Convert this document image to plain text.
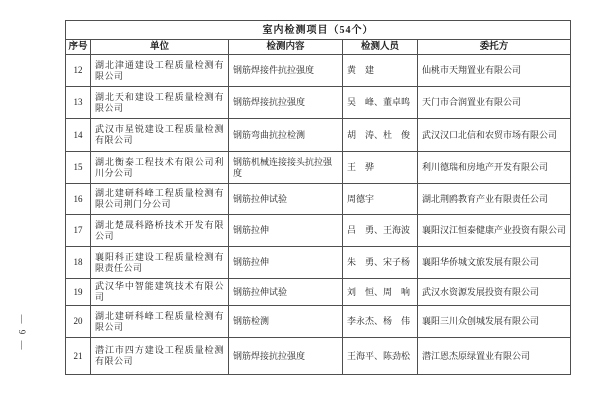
— 9 —
室内检测项目（54个）				
序号	单位	检测内容	检测人员	委托方
12	湖北津通建设工程质量检测有限公司	钢筋焊接件抗拉强度	黄　建	仙桃市天翔置业有限公司
13	湖北天和建设工程质量检测有限公司	钢筋焊接抗拉强度	吴　峰、董卓鸣	天门市合润置业有限公司
14	武汉市星锐建设工程质量检测有限公司	钢筋弯曲抗拉检测	胡　涛、杜　俊	武汉汉口北信和农贸市场有限公司
15	湖北衡泰工程技术有限公司利川分公司	钢筋机械连接接头抗拉强度	王　骅	利川德瑞和房地产开发有限公司
16	湖北建研科峰工程质量检测有限公司荆门分公司	钢筋拉伸试验	周德宇	湖北荆鸥教育产业有限责任公司
17	湖北楚晟科路桥技术开发有限公司	钢筋拉伸	吕　勇、王海波	襄阳汉江恒泰健康产业投资有限公司
18	襄阳科正建设工程质量检测有限责任公司	钢筋拉伸	朱　勇、宋子杨	襄阳华侨城文旅发展有限公司
19	武汉华中智能建筑技术有限公司	钢筋拉伸试验	刘　恒、周　响	武汉水资源发展投资有限公司
20	湖北建研科峰工程质量检测有限公司	钢筋检测	李永杰、杨　伟	襄阳三川众创城发展有限公司
21	潜江市四方建设工程质量检测有限公司	钢筋焊接抗拉强度	王海平、陈劲松	潜江恩杰原绿置业有限公司
